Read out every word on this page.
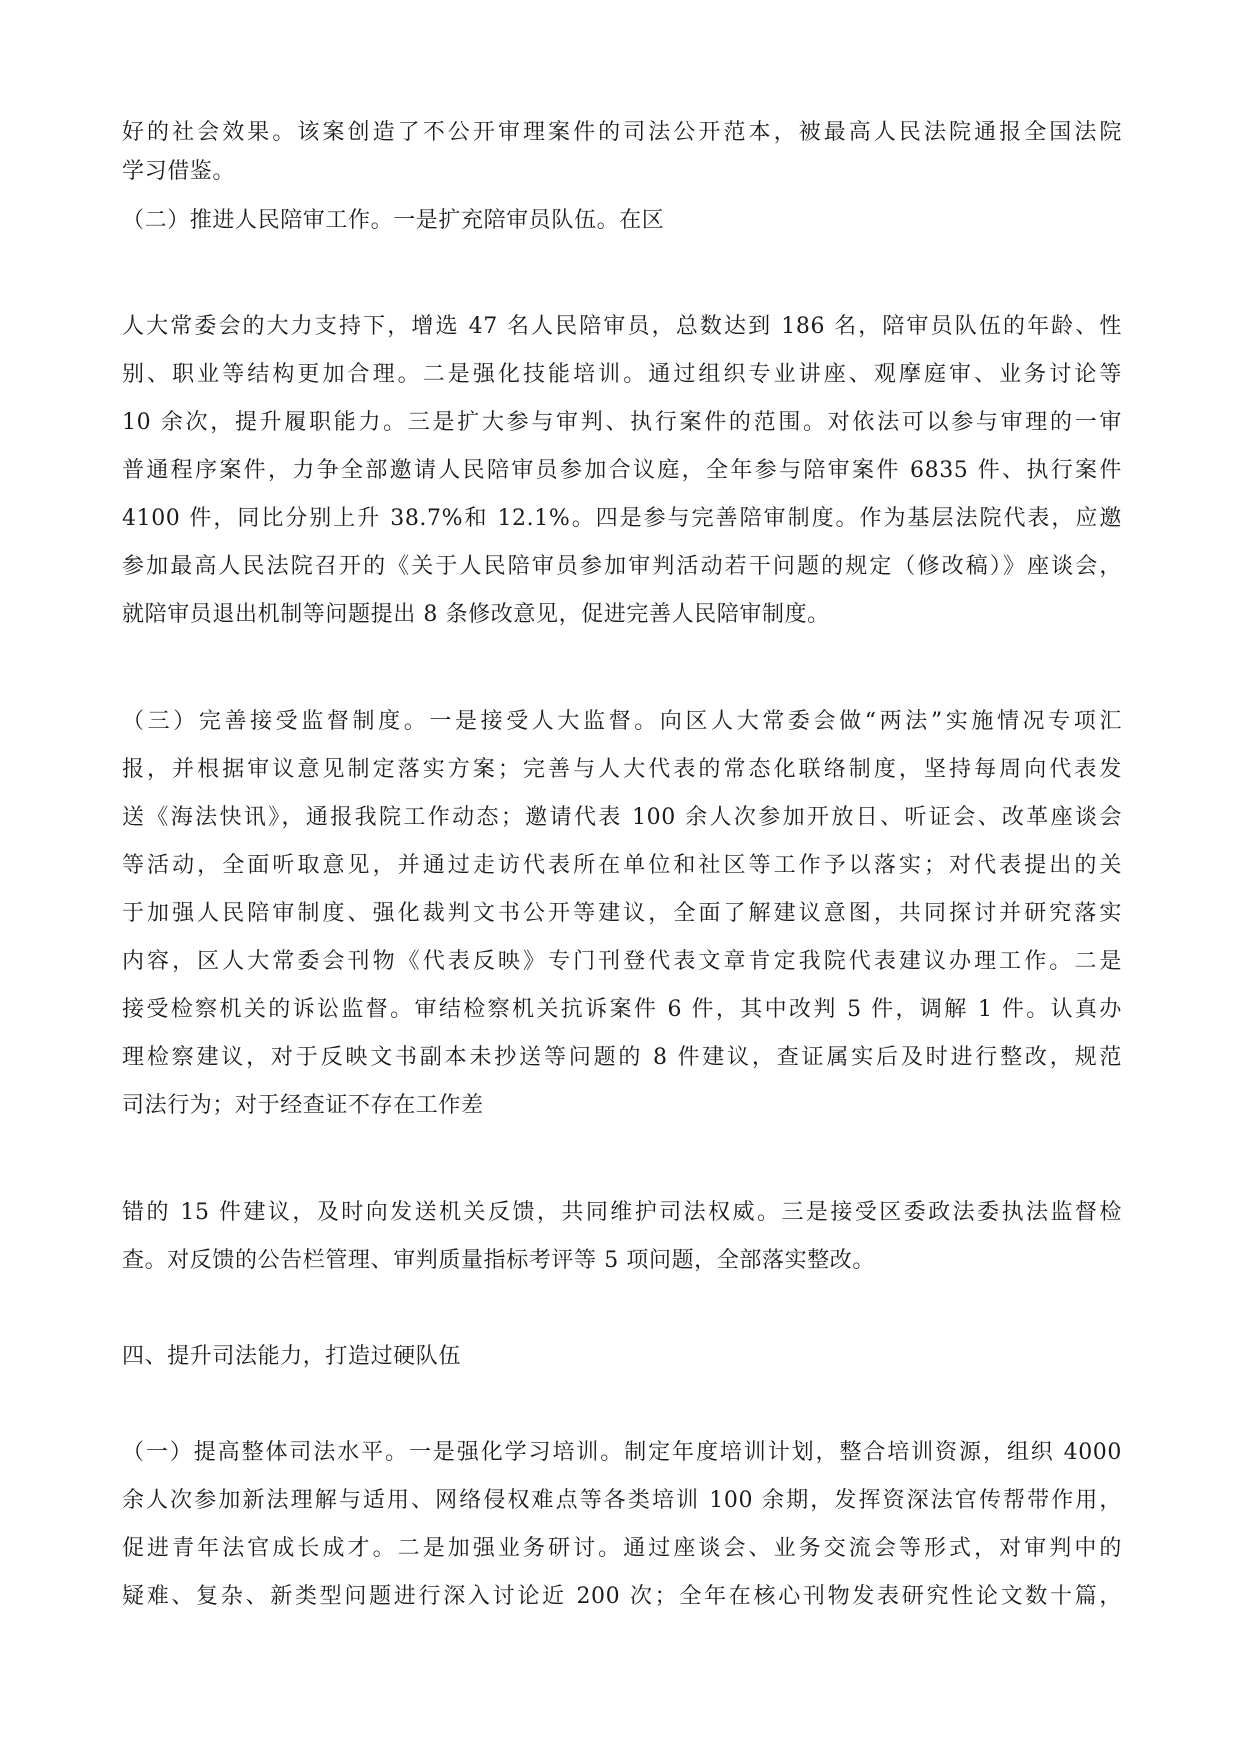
好的社会效果。该案创造了不公开审理案件的司法公开范本，被最高人民法院通报全国法院

学习借鉴。

（二）推进人民陪审工作。一是扩充陪审员队伍。在区

人大常委会的大力支持下，增选 47 名人民陪审员，总数达到 186 名，陪审员队伍的年龄、性

别、职业等结构更加合理。二是强化技能培训。通过组织专业讲座、观摩庭审、业务讨论等

10 余次，提升履职能力。三是扩大参与审判、执行案件的范围。对依法可以参与审理的一审

普通程序案件，力争全部邀请人民陪审员参加合议庭，全年参与陪审案件 6835 件、执行案件

4100 件，同比分别上升 38.7%和 12.1%。四是参与完善陪审制度。作为基层法院代表，应邀

参加最高人民法院召开的《关于人民陪审员参加审判活动若干问题的规定（修改稿）》座谈会，

就陪审员退出机制等问题提出 8 条修改意见，促进完善人民陪审制度。

（三）完善接受监督制度。一是接受人大监督。向区人大常委会做“两法”实施情况专项汇

报，并根据审议意见制定落实方案；完善与人大代表的常态化联络制度，坚持每周向代表发

送《海法快讯》，通报我院工作动态；邀请代表 100 余人次参加开放日、听证会、改革座谈会

等活动，全面听取意见，并通过走访代表所在单位和社区等工作予以落实；对代表提出的关

于加强人民陪审制度、强化裁判文书公开等建议，全面了解建议意图，共同探讨并研究落实

内容，区人大常委会刊物《代表反映》专门刊登代表文章肯定我院代表建议办理工作。二是

接受检察机关的诉讼监督。审结检察机关抗诉案件 6 件，其中改判 5 件，调解 1 件。认真办

理检察建议，对于反映文书副本未抄送等问题的 8 件建议，查证属实后及时进行整改，规范

司法行为；对于经查证不存在工作差

错的 15 件建议，及时向发送机关反馈，共同维护司法权威。三是接受区委政法委执法监督检

查。对反馈的公告栏管理、审判质量指标考评等 5 项问题，全部落实整改。

四、提升司法能力，打造过硬队伍

（一）提高整体司法水平。一是强化学习培训。制定年度培训计划，整合培训资源，组织 4000

余人次参加新法理解与适用、网络侵权难点等各类培训 100 余期，发挥资深法官传帮带作用，

促进青年法官成长成才。二是加强业务研讨。通过座谈会、业务交流会等形式，对审判中的

疑难、复杂、新类型问题进行深入讨论近 200 次；全年在核心刊物发表研究性论文数十篇，
